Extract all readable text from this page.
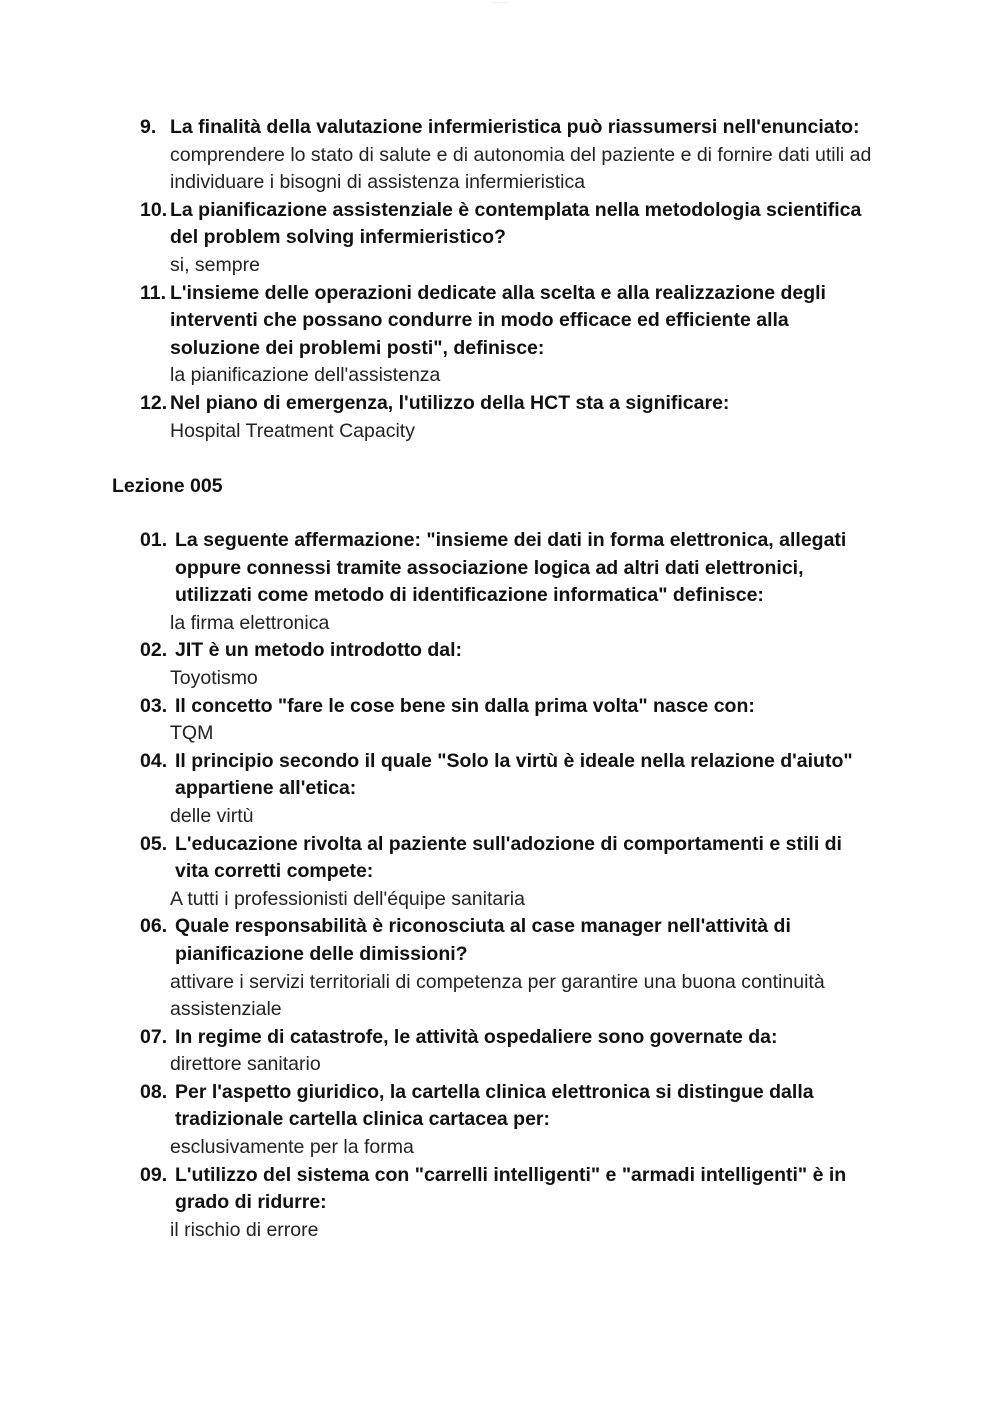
—— ——
9. La finalità della valutazione infermieristica può riassumersi nell'enunciato:

comprendere lo stato di salute e di autonomia del paziente e di fornire dati utili ad individuare i bisogni di assistenza infermieristica

10. La pianificazione assistenziale è contemplata nella metodologia scientifica del problem solving infermieristico?

si, sempre

11. L'insieme delle operazioni dedicate alla scelta e alla realizzazione degli interventi che possano condurre in modo efficace ed efficiente alla soluzione dei problemi posti", definisce:

la pianificazione dell'assistenza

12. Nel piano di emergenza, l'utilizzo della HCT sta a significare:

Hospital Treatment Capacity

Lezione 005

01. La seguente affermazione: "insieme dei dati in forma elettronica, allegati oppure connessi tramite associazione logica ad altri dati elettronici, utilizzati come metodo di identificazione informatica" definisce:

la firma elettronica

02. JIT è un metodo introdotto dal:

Toyotismo

03. Il concetto "fare le cose bene sin dalla prima volta" nasce con:

TQM

04. Il principio secondo il quale "Solo la virtù è ideale nella relazione d'aiuto" appartiene all'etica:

delle virtù

05. L'educazione rivolta al paziente sull'adozione di comportamenti e stili di vita corretti compete:

A tutti i professionisti dell'équipe sanitaria

06. Quale responsabilità è riconosciuta al case manager nell'attività di pianificazione delle dimissioni?

attivare i servizi territoriali di competenza per garantire una buona continuità assistenziale

07. In regime di catastrofe, le attività ospedaliere sono governate da:

direttore sanitario

08. Per l'aspetto giuridico, la cartella clinica elettronica si distingue dalla tradizionale cartella clinica cartacea per:

esclusivamente per la forma

09. L'utilizzo del sistema con "carrelli intelligenti" e "armadi intelligenti" è in grado di ridurre:

il rischio di errore
